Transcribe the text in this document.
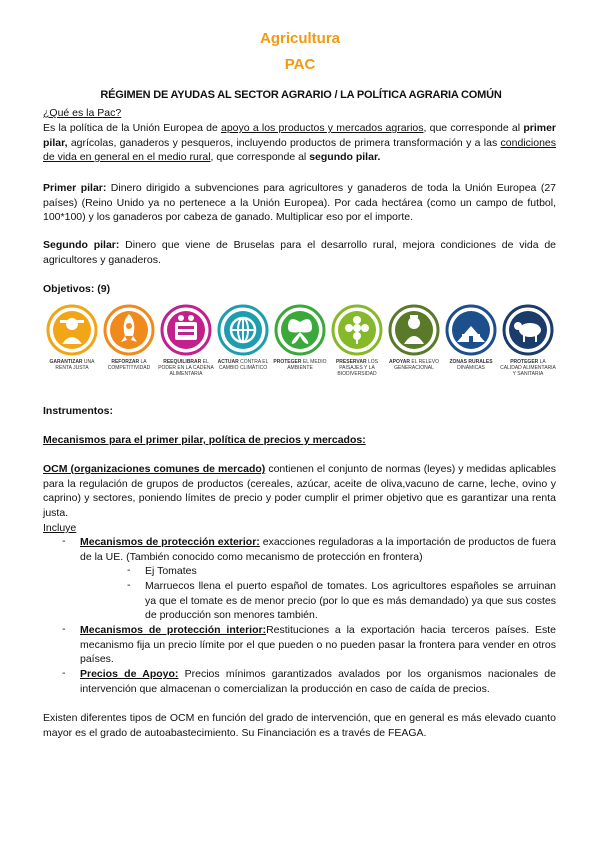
Agricultura
PAC
RÉGIMEN DE AYUDAS AL SECTOR AGRARIO / LA POLÍTICA AGRARIA COMÚN
¿Qué es la Pac?
Es la política de la Unión Europea de apoyo a los productos y mercados agrarios, que corresponde al primer pilar, agrícolas, ganaderos y pesqueros, incluyendo productos de primera transformación y a las condiciones de vida en general en el medio rural, que corresponde al segundo pilar.
Primer pilar: Dinero dirigido a subvenciones para agricultores y ganaderos de toda la Unión Europea (27 países) (Reino Unido ya no pertenece a la Unión Europea). Por cada hectárea (como un campo de futbol, 100*100) y los ganaderos por cabeza de ganado. Multiplicar eso por el importe.
Segundo pilar: Dinero que viene de Bruselas para el desarrollo rural, mejora condiciones de vida de agricultores y ganaderos.
Objetivos: (9)
GARANTIZAR UNA RENTA JUSTA
REFORZAR LA COMPETITIVIDAD
REEQUILIBRAR EL PODER EN LA CADENA ALIMENTARIA
ACTUAR CONTRA EL CAMBIO CLIMÁTICO
PROTEGER EL MEDIO AMBIENTE
PRESERVAR LOS PAISAJES Y LA BIODIVERSIDAD
APOYAR EL RELEVO GENERACIONAL
ZONAS RURALES DINÁMICAS
PROTEGER LA CALIDAD ALIMENTARIA Y SANITARIA
Instrumentos:
Mecanismos para el primer pilar, política de precios y mercados:
OCM (organizaciones comunes de mercado) contienen el conjunto de normas (leyes) y medidas aplicables para la regulación de grupos de productos (cereales, azúcar, aceite de oliva,vacuno de carne, leche, ovino y caprino) y sectores, poniendo límites de precio y poder cumplir el primer objetivo que es garantizar una renta justa.
Incluye
- Mecanismos de protección exterior: exacciones reguladoras a la importación de productos de fuera de la UE. (También conocido como mecanismo de protección en frontera)
- Ej Tomates
- Marruecos llena el puerto español de tomates. Los agricultores españoles se arruinan ya que el tomate es de menor precio (por lo que es más demandado) ya que sus costes de producción son menores también.
- Mecanismos de protección interior:Restituciones a la exportación hacia terceros países. Este mecanismo fija un precio límite por el que pueden o no pueden pasar la frontera para vender en otros países.
- Precios de Apoyo: Precios mínimos garantizados avalados por los organismos nacionales de intervención que almacenan o comercializan la producción en caso de caída de precios.
Existen diferentes tipos de OCM en función del grado de intervención, que en general es más elevado cuanto mayor es el grado de autoabastecimiento. Su Financiación es a través de FEAGA.
